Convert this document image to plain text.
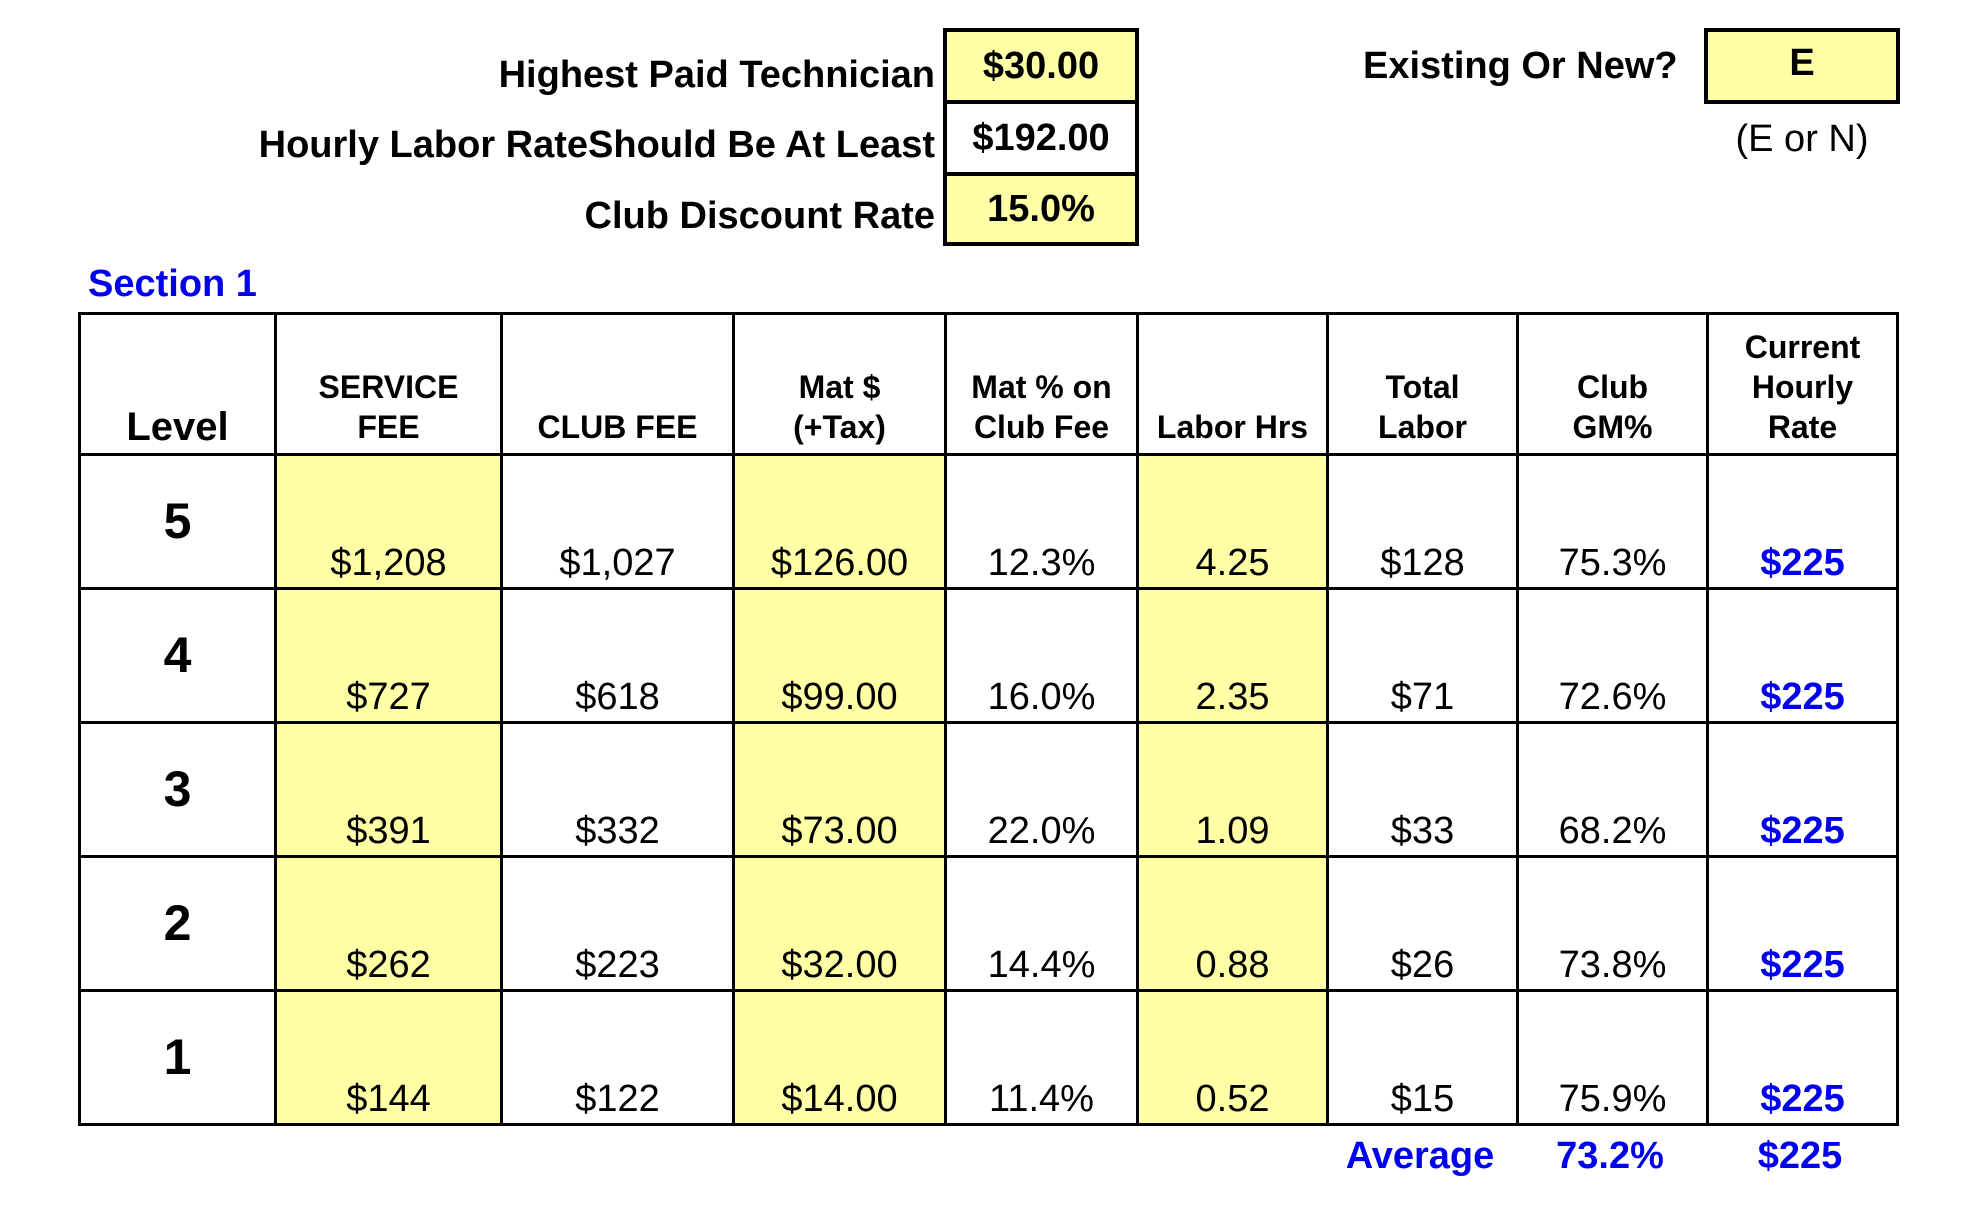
Highest Paid Technician	$30.00
Hourly Labor RateShould Be At Least $192.00
Club Discount Rate	15.0%
Existing Or New?	E
(E or N)
Section 1
Level	SERVICE FEE	CLUB FEE	Mat $ (+Tax)	Mat % on Club Fee	Labor Hrs	Total Labor	Club GM%	Current Hourly Rate
5	$1,208	$1,027	$126.00	12.3%	4.25	$128	75.3%	$225
4	$727	$618	$99.00	16.0%	2.35	$71	72.6%	$225
3	$391	$332	$73.00	22.0%	1.09	$33	68.2%	$225
2	$262	$223	$32.00	14.4%	0.88	$26	73.8%	$225
1	$144	$122	$14.00	11.4%	0.52	$15	75.9%	$225
Average	73.2%	$225
